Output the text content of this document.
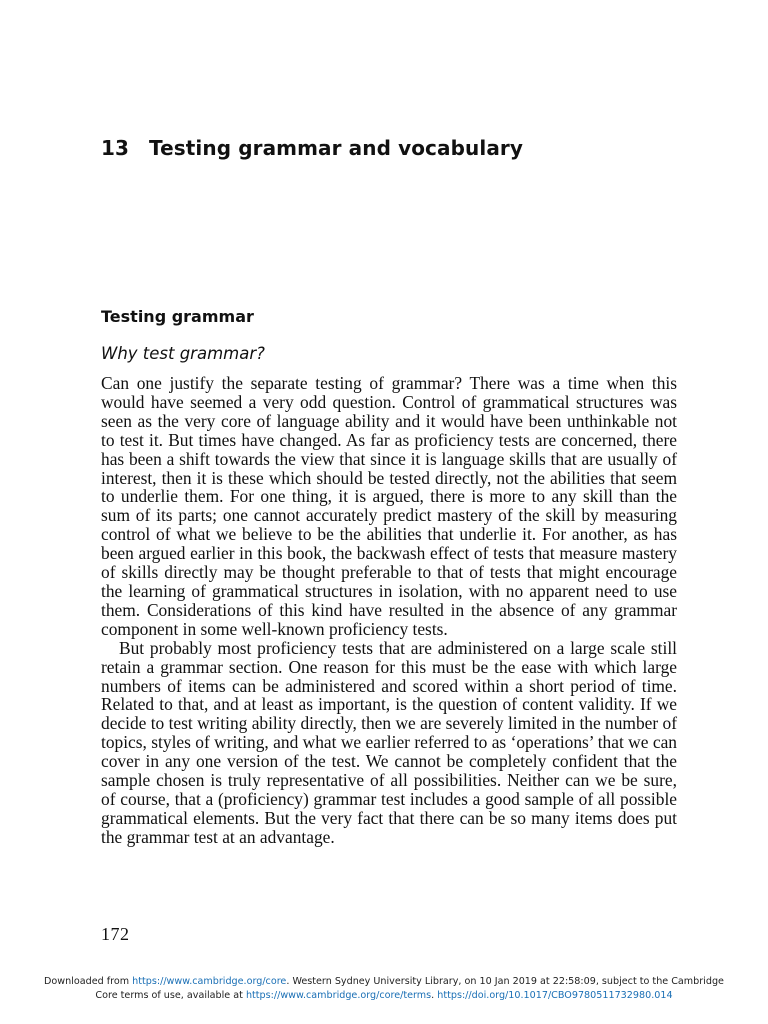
13 Testing grammar and vocabulary
Testing grammar
Why test grammar?

Can one justify the separate testing of grammar? There was a time when this would have seemed a very odd question. Control of grammatical structures was seen as the very core of language ability and it would have been unthinkable not to test it. But times have changed. As far as proficiency tests are concerned, there has been a shift towards the view that since it is language skills that are usually of interest, then it is these which should be tested directly, not the abilities that seem to underlie them. For one thing, it is argued, there is more to any skill than the sum of its parts; one cannot accurately predict mastery of the skill by measuring control of what we believe to be the abilities that underlie it. For another, as has been argued earlier in this book, the backwash effect of tests that measure mastery of skills directly may be thought preferable to that of tests that might encourage the learning of grammatical structures in isolation, with no apparent need to use them. Considerations of this kind have resulted in the absence of any grammar component in some well-known proficiency tests.

But probably most proficiency tests that are administered on a large scale still retain a grammar section. One reason for this must be the ease with which large numbers of items can be administered and scored within a short period of time. Related to that, and at least as important, is the question of content validity. If we decide to test writing ability directly, then we are severely limited in the number of topics, styles of writing, and what we earlier referred to as ‘operations’ that we can cover in any one version of the test. We cannot be completely confident that the sample chosen is truly representative of all possibilities. Neither can we be sure, of course, that a (proficiency) grammar test includes a good sample of all possible grammatical elements. But the very fact that there can be so many items does put the grammar test at an advantage.

172
Downloaded from https://www.cambridge.org/core. Western Sydney University Library, on 10 Jan 2019 at 22:58:09, subject to the Cambridge
Core terms of use, available at https://www.cambridge.org/core/terms. https://doi.org/10.1017/CBO9780511732980.014
